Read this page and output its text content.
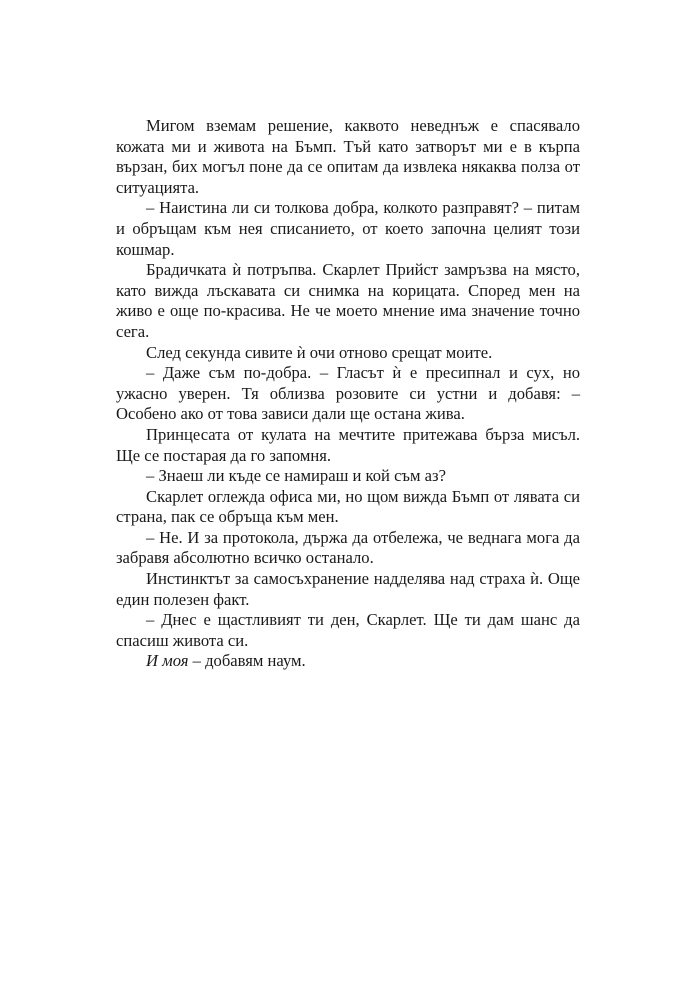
Мигом вземам решение, каквото неведнъж е спасявало кожата ми и живота на Бъмп. Тъй като затворът ми е в кърпа вързан, бих могъл поне да се опитам да извлека някаква полза от ситуацията.

– Наистина ли си толкова добра, колкото разправят? – питам и обръщам към нея списанието, от което започна целият този кошмар.

Брадичката ѝ потръпва. Скарлет Прийст замръзва на място, като вижда лъскавата си снимка на корицата. Според мен на живо е още по-красива. Не че моето мнение има значение точно сега.

След секунда сивите ѝ очи отново срещат моите.

– Даже съм по-добра. – Гласът ѝ е пресипнал и сух, но ужасно уверен. Тя облизва розовите си устни и добавя: – Особено ако от това зависи дали ще остана жива.

Принцесата от кулата на мечтите притежава бърза мисъл. Ще се постарая да го запомня.

– Знаеш ли къде се намираш и кой съм аз?

Скарлет оглежда офиса ми, но щом вижда Бъмп от лявата си страна, пак се обръща към мен.

– Не. И за протокола, държа да отбележа, че веднага мога да забравя абсолютно всичко останало.

Инстинктът за самосъхранение надделява над страха ѝ. Още един полезен факт.

– Днес е щастливият ти ден, Скарлет. Ще ти дам шанс да спасиш живота си.

И моя – добавям наум.
